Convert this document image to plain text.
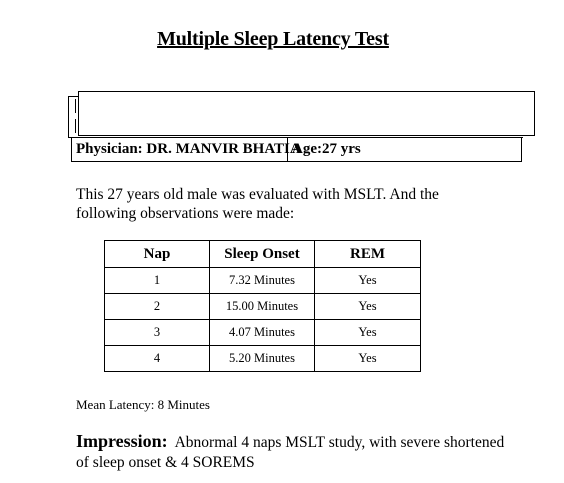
Multiple Sleep Latency Test
Physician: DR. MANVIR BHATIA
Age:27 yrs
This 27 years old male was evaluated with MSLT. And the following observations were made:
Nap	Sleep Onset	REM
1	7.32 Minutes	Yes
2	15.00 Minutes	Yes
3	4.07 Minutes	Yes
4	5.20 Minutes	Yes
Mean Latency: 8 Minutes
Impression: Abnormal 4 naps MSLT study, with severe shortened of sleep onset & 4 SOREMS
